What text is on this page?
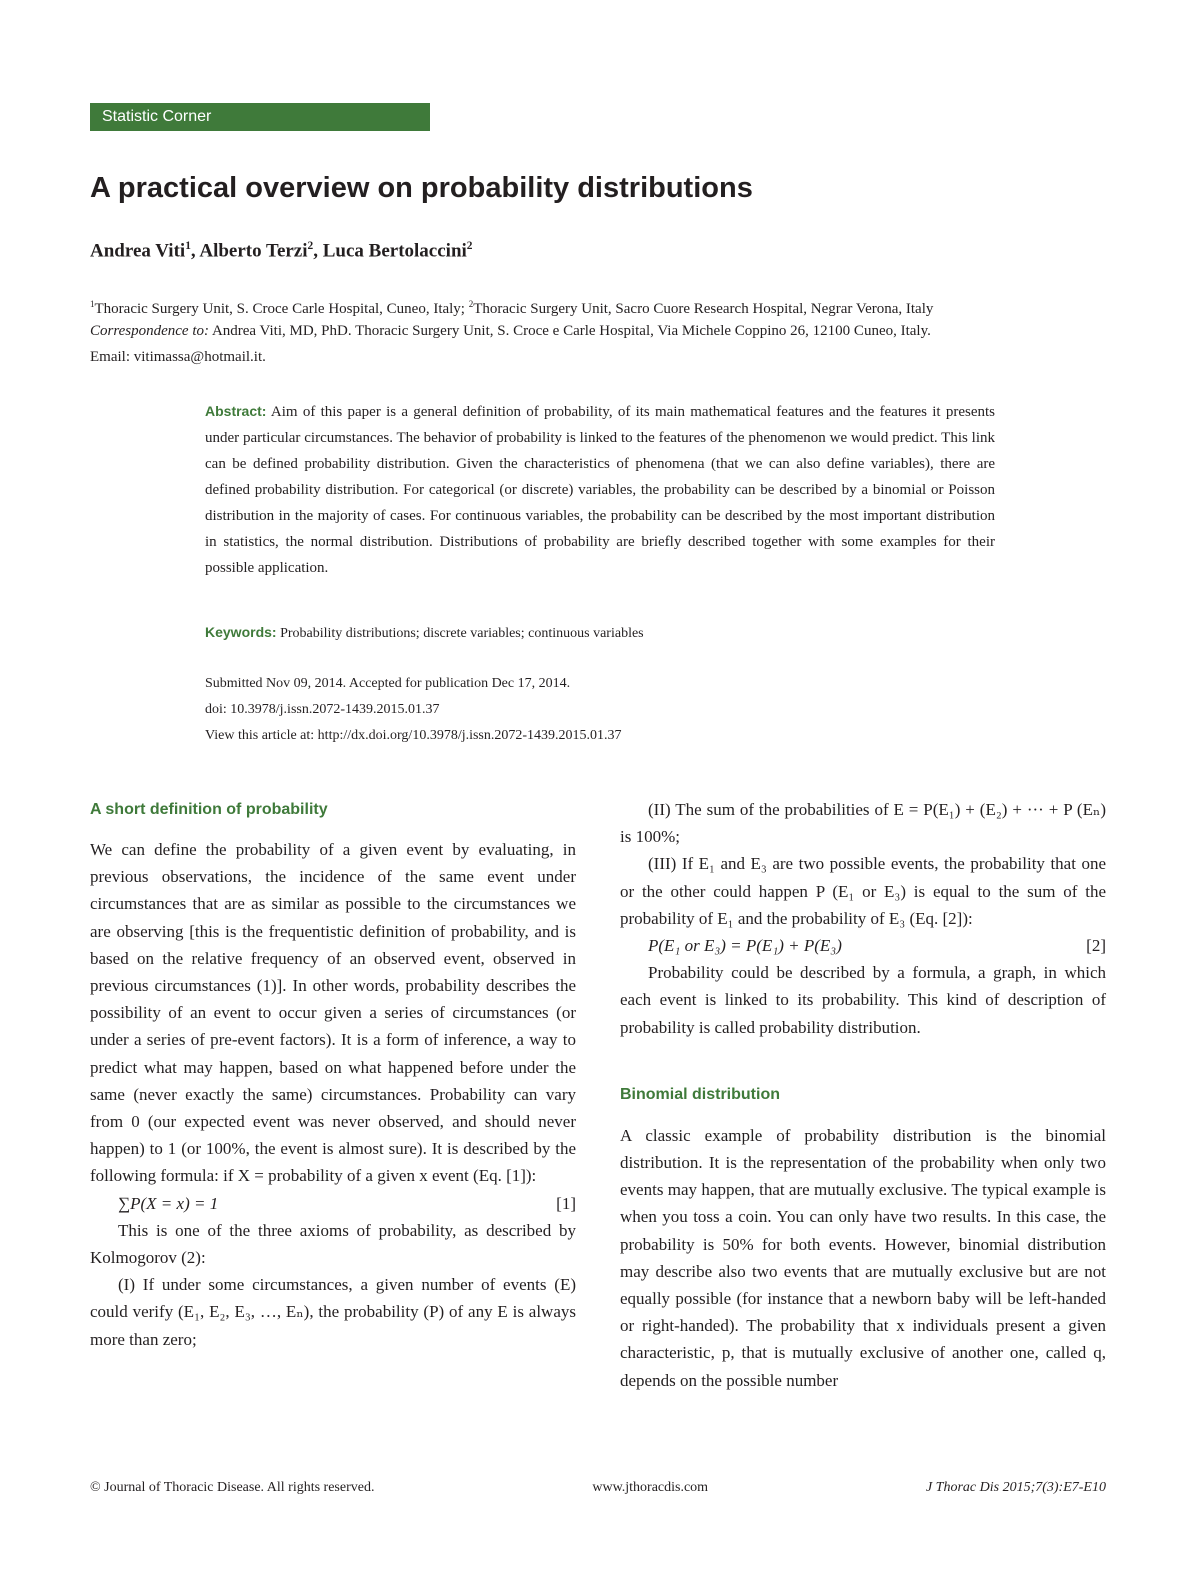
Statistic Corner
A practical overview on probability distributions

Andrea Viti$^1$, Alberto Terzi$^2$, Luca Bertolaccini$^2$

$^1$Thoracic Surgery Unit, S. Croce Carle Hospital, Cuneo, Italy; $^2$Thoracic Surgery Unit, Sacro Cuore Research Hospital, Negrar Verona, Italy
Correspondence to: Andrea Viti, MD, PhD. Thoracic Surgery Unit, S. Croce e Carle Hospital, Via Michele Coppino 26, 12100 Cuneo, Italy.
Email: vitimassa@hotmail.it.

Abstract: Aim of this paper is a general definition of probability, of its main mathematical features and the features it presents under particular circumstances. The behavior of probability is linked to the features of the phenomenon we would predict. This link can be defined probability distribution. Given the characteristics of phenomena (that we can also define variables), there are defined probability distribution. For categorical (or discrete) variables, the probability can be described by a binomial or Poisson distribution in the majority of cases. For continuous variables, the probability can be described by the most important distribution in statistics, the normal distribution. Distributions of probability are briefly described together with some examples for their possible application.

Keywords: Probability distributions; discrete variables; continuous variables

Submitted Nov 09, 2014. Accepted for publication Dec 17, 2014.

doi: 10.3978/j.issn.2072-1439.2015.01.37

View this article at: http://dx.doi.org/10.3978/j.issn.2072-1439.2015.01.37

A short definition of probability

We can define the probability of a given event by evaluating, in previous observations, the incidence of the same event under circumstances that are as similar as possible to the circumstances we are observing [this is the frequentistic definition of probability, and is based on the relative frequency of an observed event, observed in previous circumstances (1)]. In other words, probability describes the possibility of an event to occur given a series of circumstances (or under a series of pre-event factors). It is a form of inference, a way to predict what may happen, based on what happened before under the same (never exactly the same) circumstances. Probability can vary from 0 (our expected event was never observed, and should never happen) to 1 (or 100%, the event is almost sure). It is described by the following formula: if X = probability of a given x event (Eq. [1]):

∑P(X = x) = 1	[1]

This is one of the three axioms of probability, as described by Kolmogorov (2):

(I) If under some circumstances, a given number of events (E) could verify (E₁, E₂, E₃, …, Eₙ), the probability (P) of any E is always more than zero;

(II) The sum of the probabilities of E = P(E₁) + (E₂) + ··· + P (Eₙ) is 100%;

(III) If E₁ and E₃ are two possible events, the probability that one or the other could happen P (E₁ or E₃) is equal to the sum of the probability of E₁ and the probability of E₃ (Eq. [2]):

P(E₁ or E₃) = P(E₁) + P(E₃)	[2]

Probability could be described by a formula, a graph, in which each event is linked to its probability. This kind of description of probability is called probability distribution.

Binomial distribution

A classic example of probability distribution is the binomial distribution. It is the representation of the probability when only two events may happen, that are mutually exclusive. The typical example is when you toss a coin. You can only have two results. In this case, the probability is 50% for both events. However, binomial distribution may describe also two events that are mutually exclusive but are not equally possible (for instance that a newborn baby will be left-handed or right-handed). The probability that x individuals present a given characteristic, p, that is mutually exclusive of another one, called q, depends on the possible number

© Journal of Thoracic Disease. All rights reserved.	www.jthoracdis.com	J Thorac Dis 2015;7(3):E7-E10
